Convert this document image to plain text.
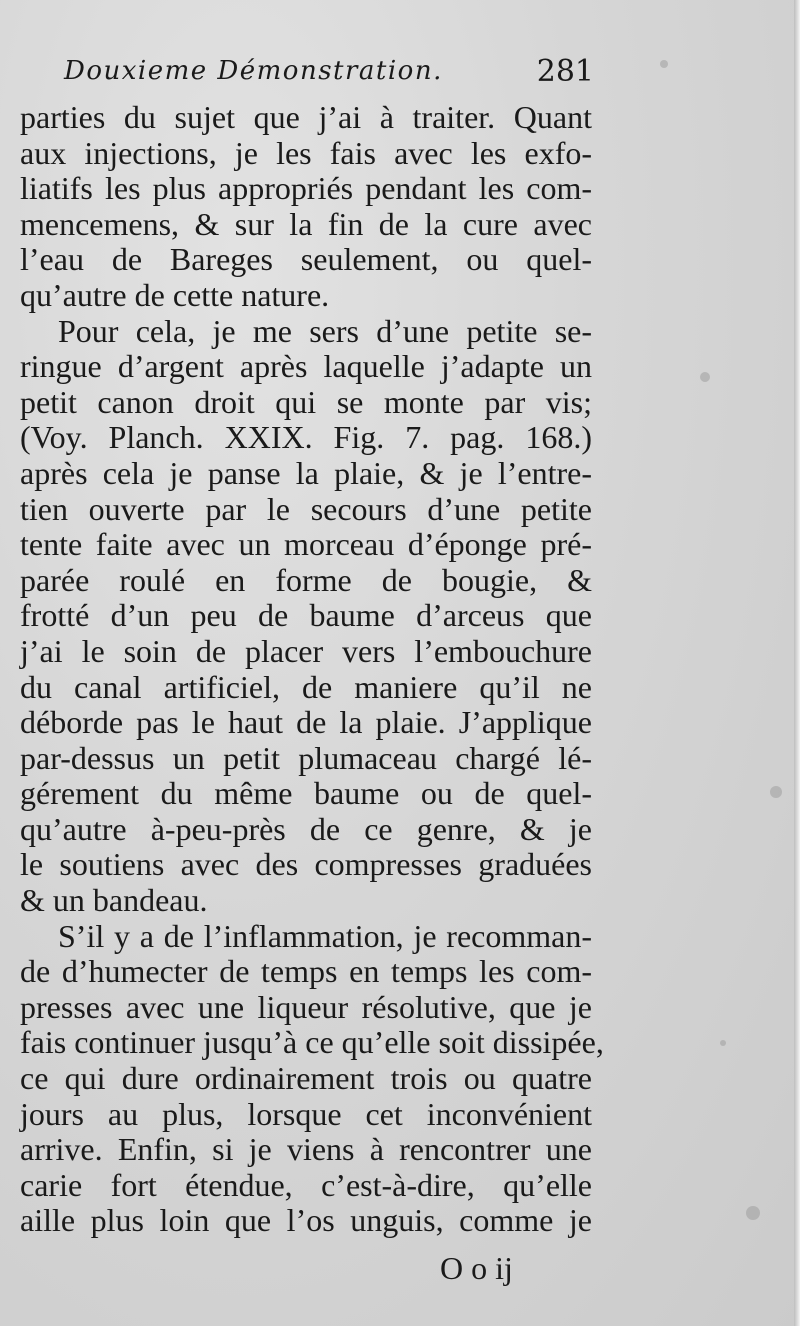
Douxieme Démonstration.	281
parties du sujet que j’ai à traiter. Quant
aux injections, je les fais avec les exfo-
liatifs les plus appropriés pendant les com-
mencemens, & sur la fin de la cure avec
l’eau de Bareges seulement, ou quel-
qu’autre de cette nature.
Pour cela, je me sers d’une petite se-
ringue d’argent après laquelle j’adapte un
petit canon droit qui se monte par vis;
(Voy. Planch. XXIX. Fig. 7. pag. 168.)
après cela je panse la plaie, & je l’entre-
tien ouverte par le secours d’une petite
tente faite avec un morceau d’éponge pré-
parée roulé en forme de bougie, &
frotté d’un peu de baume d’arceus que
j’ai le soin de placer vers l’embouchure
du canal artificiel, de maniere qu’il ne
déborde pas le haut de la plaie. J’applique
par-dessus un petit plumaceau chargé lé-
gérement du même baume ou de quel-
qu’autre à-peu-près de ce genre, & je
le soutiens avec des compresses graduées
& un bandeau.
S’il y a de l’inflammation, je recomman-
de d’humecter de temps en temps les com-
presses avec une liqueur résolutive, que je
fais continuer jusqu’à ce qu’elle soit dissipée,
ce qui dure ordinairement trois ou quatre
jours au plus, lorsque cet inconvénient
arrive. Enfin, si je viens à rencontrer une
carie fort étendue, c’est-à-dire, qu’elle
aille plus loin que l’os unguis, comme je
O o ij
